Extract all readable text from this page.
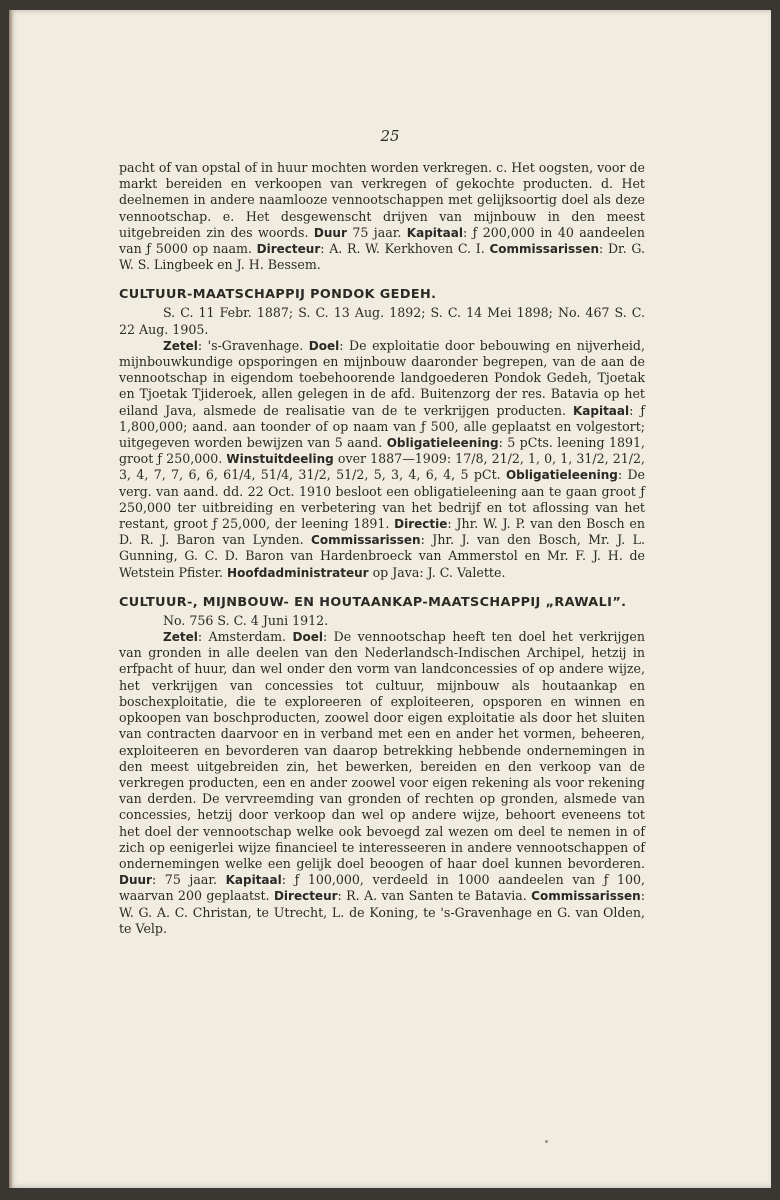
25

pacht of van opstal of in huur mochten worden verkregen. c. Het oogsten, voor de markt bereiden en verkoopen van verkregen of gekochte producten. d. Het deelnemen in andere naamlooze vennootschappen met gelijksoortig doel als deze vennootschap. e. Het desgewenscht drijven van mijnbouw in den meest uitgebreiden zin des woords. Duur 75 jaar. Kapitaal: ƒ 200,000 in 40 aandeelen van ƒ 5000 op naam. Directeur: A. R. W. Kerkhoven C. I. Commissarissen: Dr. G. W. S. Lingbeek en J. H. Bessem.

CULTUUR-MAATSCHAPPIJ PONDOK GEDEH.

S. C. 11 Febr. 1887; S. C. 13 Aug. 1892; S. C. 14 Mei 1898; No. 467 S. C. 22 Aug. 1905.

Zetel: 's-Gravenhage. Doel: De exploitatie door bebouwing en nijverheid, mijnbouwkundige opsporingen en mijnbouw daaronder begrepen, van de aan de vennootschap in eigendom toebehoorende landgoederen Pondok Gedeh, Tjoetak en Tjoetak Tjideroek, allen gelegen in de afd. Buitenzorg der res. Batavia op het eiland Java, alsmede de realisatie van de te verkrijgen producten. Kapitaal: ƒ 1,800,000; aand. aan toonder of op naam van ƒ 500, alle geplaatst en volgestort; uitgegeven worden bewijzen van 5 aand. Obligatieleening: 5 pCts. leening 1891, groot ƒ 250,000. Winstuitdeeling over 1887—1909: 17/8, 21/2, 1, 0, 1, 31/2, 21/2, 3, 4, 7, 7, 6, 6, 61/4, 51/4, 31/2, 51/2, 5, 3, 4, 6, 4, 5 pCt. Obligatieleening: De verg. van aand. dd. 22 Oct. 1910 besloot een obligatieleening aan te gaan groot ƒ 250,000 ter uitbreiding en verbetering van het bedrijf en tot aflossing van het restant, groot ƒ 25,000, der leening 1891. Directie: Jhr. W. J. P. van den Bosch en D. R. J. Baron van Lynden. Commissarissen: Jhr. J. van den Bosch, Mr. J. L. Gunning, G. C. D. Baron van Hardenbroeck van Ammerstol en Mr. F. J. H. de Wetstein Pfister. Hoofdadministrateur op Java: J. C. Valette.

CULTUUR-, MIJNBOUW- EN HOUTAANKAP-MAATSCHAPPIJ „RAWALI”.

No. 756 S. C. 4 Juni 1912.

Zetel: Amsterdam. Doel: De vennootschap heeft ten doel het verkrijgen van gronden in alle deelen van den Nederlandsch-Indischen Archipel, hetzij in erfpacht of huur, dan wel onder den vorm van landconcessies of op andere wijze, het verkrijgen van concessies tot cultuur, mijnbouw als houtaankap en boschexploitatie, die te exploreeren of exploiteeren, opsporen en winnen en opkoopen van boschproducten, zoowel door eigen exploitatie als door het sluiten van contracten daarvoor en in verband met een en ander het vormen, beheeren, exploiteeren en bevorderen van daarop betrekking hebbende ondernemingen in den meest uitgebreiden zin, het bewerken, bereiden en den verkoop van de verkregen producten, een en ander zoowel voor eigen rekening als voor rekening van derden. De vervreemding van gronden of rechten op gronden, alsmede van concessies, hetzij door verkoop dan wel op andere wijze, behoort eveneens tot het doel der vennootschap welke ook bevoegd zal wezen om deel te nemen in of zich op eenigerlei wijze financieel te interesseeren in andere vennootschappen of ondernemingen welke een gelijk doel beoogen of haar doel kunnen bevorderen. Duur: 75 jaar. Kapitaal: ƒ 100,000, verdeeld in 1000 aandeelen van ƒ 100, waarvan 200 geplaatst. Directeur: R. A. van Santen te Batavia. Commissarissen: W. G. A. C. Christan, te Utrecht, L. de Koning, te 's-Gravenhage en G. van Olden, te Velp.
